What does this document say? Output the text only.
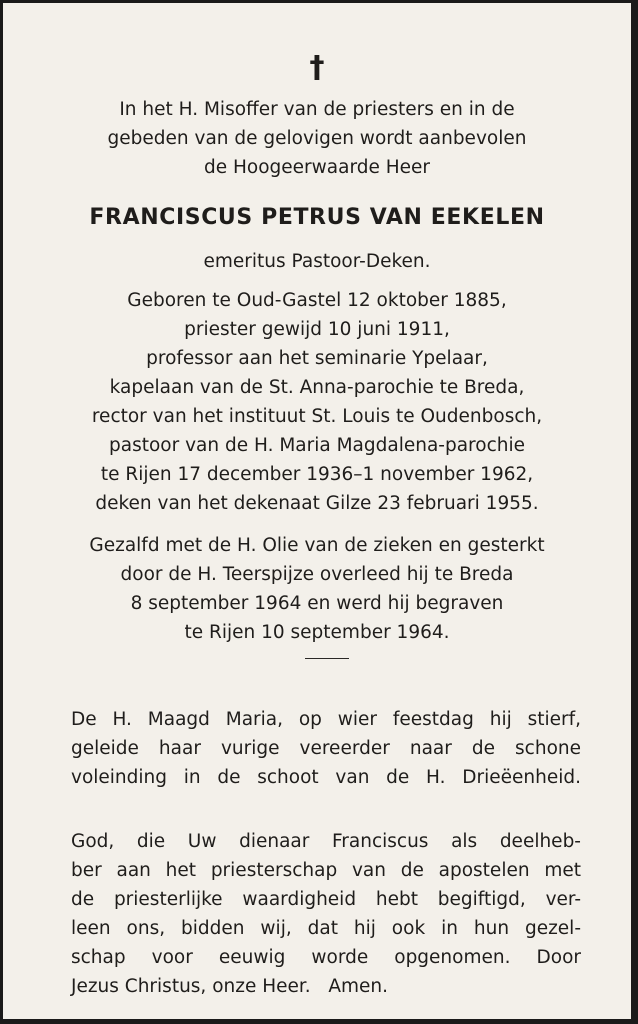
†
In het H. Misoffer van de priesters en in de
gebeden van de gelovigen wordt aanbevolen
de Hoogeerwaarde Heer
FRANCISCUS PETRUS VAN EEKELEN
emeritus Pastoor-Deken.
Geboren te Oud-Gastel 12 oktober 1885,
priester gewijd 10 juni 1911,
professor aan het seminarie Ypelaar,
kapelaan van de St. Anna-parochie te Breda,
rector van het instituut St. Louis te Oudenbosch,
pastoor van de H. Maria Magdalena-parochie
te Rijen 17 december 1936–1 november 1962,
deken van het dekenaat Gilze 23 februari 1955.
Gezalfd met de H. Olie van de zieken en gesterkt
door de H. Teerspijze overleed hij te Breda
8 september 1964 en werd hij begraven
te Rijen 10 september 1964.
De H. Maagd Maria, op wier feestdag hij stierf,
geleide haar vurige vereerder naar de schone
voleinding in de schoot van de H. Drieëenheid.
God, die Uw dienaar Franciscus als deelheb-
ber aan het priesterschap van de apostelen met
de priesterlijke waardigheid hebt begiftigd, ver-
leen ons, bidden wij, dat hij ook in hun gezel-
schap voor eeuwig worde opgenomen. Door
Jezus Christus, onze Heer.   Amen.
